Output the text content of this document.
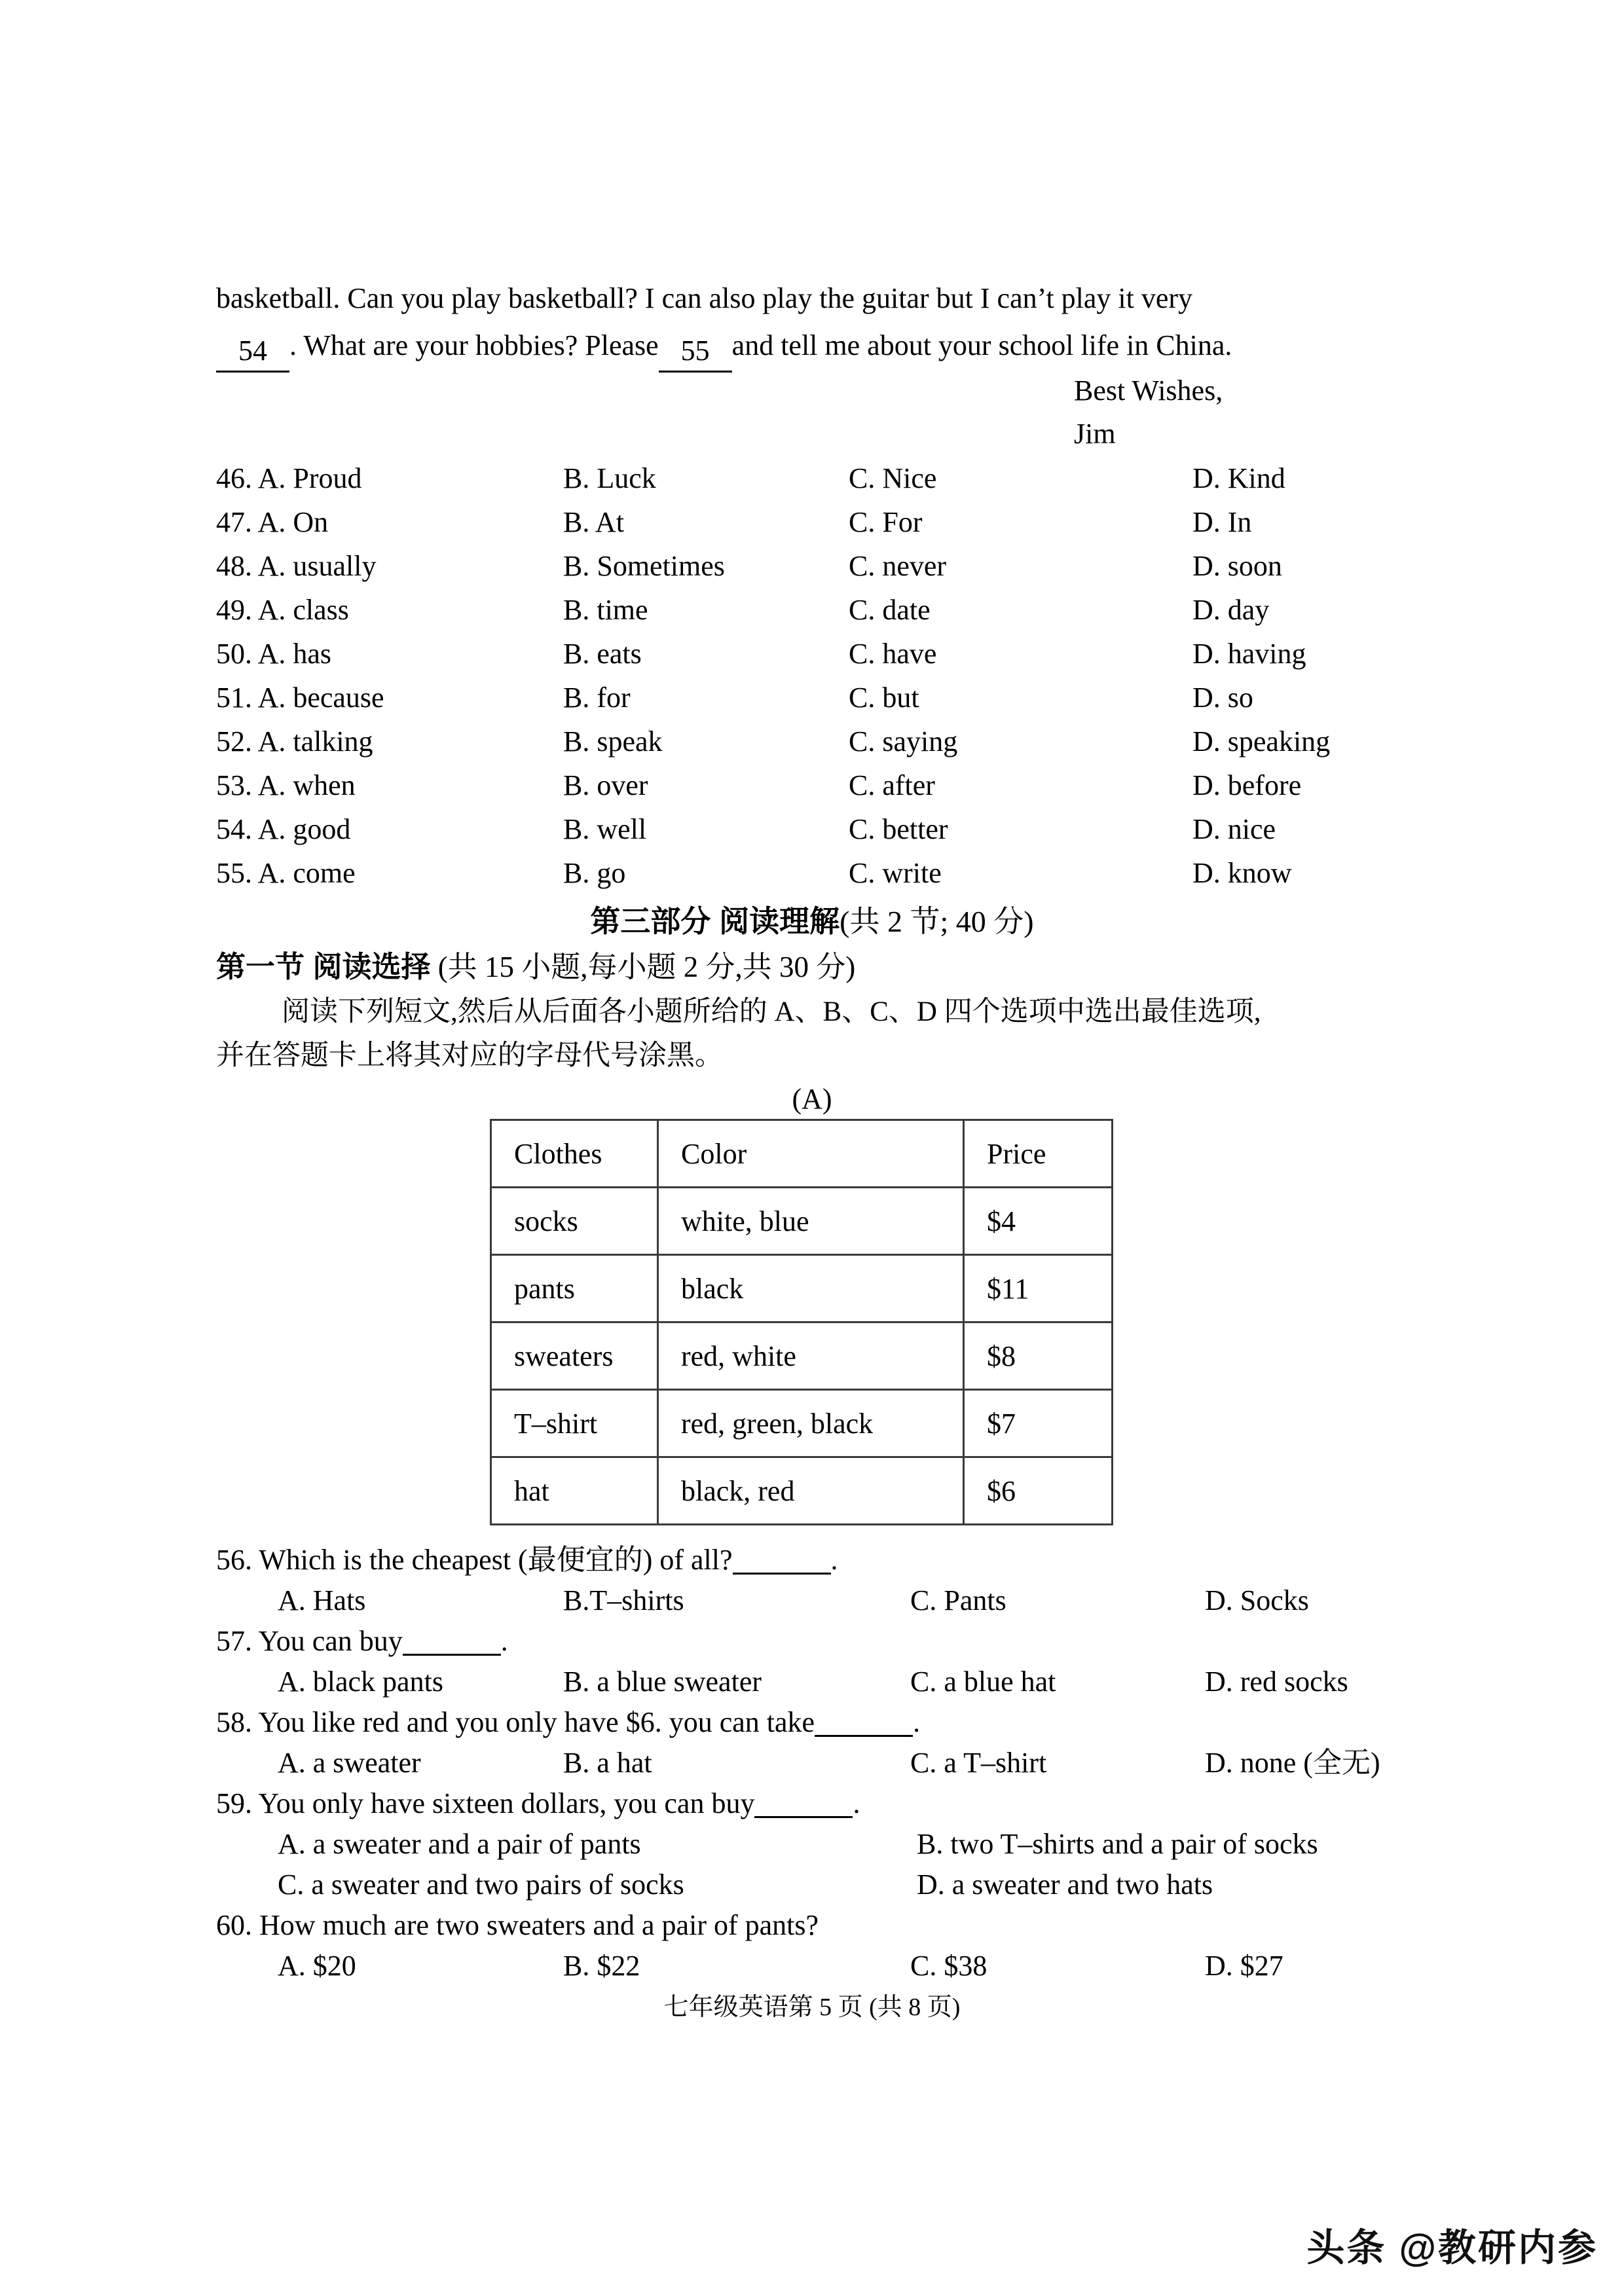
basketball. Can you play basketball? I can also play the guitar but I can’t play it very
54 . What are your hobbies? Please 55 and tell me about your school life in China.
Best Wishes,
Jim
46. A. Proud	B. Luck	C. Nice	D. Kind
47. A. On	B. At	C. For	D. In
48. A. usually	B. Sometimes	C. never	D. soon
49. A. class	B. time	C. date	D. day
50. A. has	B. eats	C. have	D. having
51. A. because	B. for	C. but	D. so
52. A. talking	B. speak	C. saying	D. speaking
53. A. when	B. over	C. after	D. before
54. A. good	B. well	C. better	D. nice
55. A. come	B. go	C. write	D. know
第三部分 阅读理解(共 2 节; 40 分)
第一节 阅读选择 (共 15 小题,每小题 2 分,共 30 分)
阅读下列短文,然后从后面各小题所给的 A、B、C、D 四个选项中选出最佳选项,
并在答题卡上将其对应的字母代号涂黑。
(A)
Clothes	Color	Price
socks	white, blue	$4
pants	black	$11
sweaters	red, white	$8
T–shirt	red, green, black	$7
hat	black, red	$6
56. Which is the cheapest (最便宜的) of all?	.
A. Hats	B.T–shirts	C. Pants	D. Socks
57. You can buy	.
A. black pants	B. a blue sweater	C. a blue hat	D. red socks
58. You like red and you only have $6. you can take	.
A. a sweater	B. a hat	C. a T–shirt	D. none (全无)
59. You only have sixteen dollars, you can buy	.
A. a sweater and a pair of pants	B. two T–shirts and a pair of socks
C. a sweater and two pairs of socks	D. a sweater and two hats
60. How much are two sweaters and a pair of pants?
A. $20	B. $22	C. $38	D. $27
七年级英语第 5 页 (共 8 页)
头条 @教研内参
